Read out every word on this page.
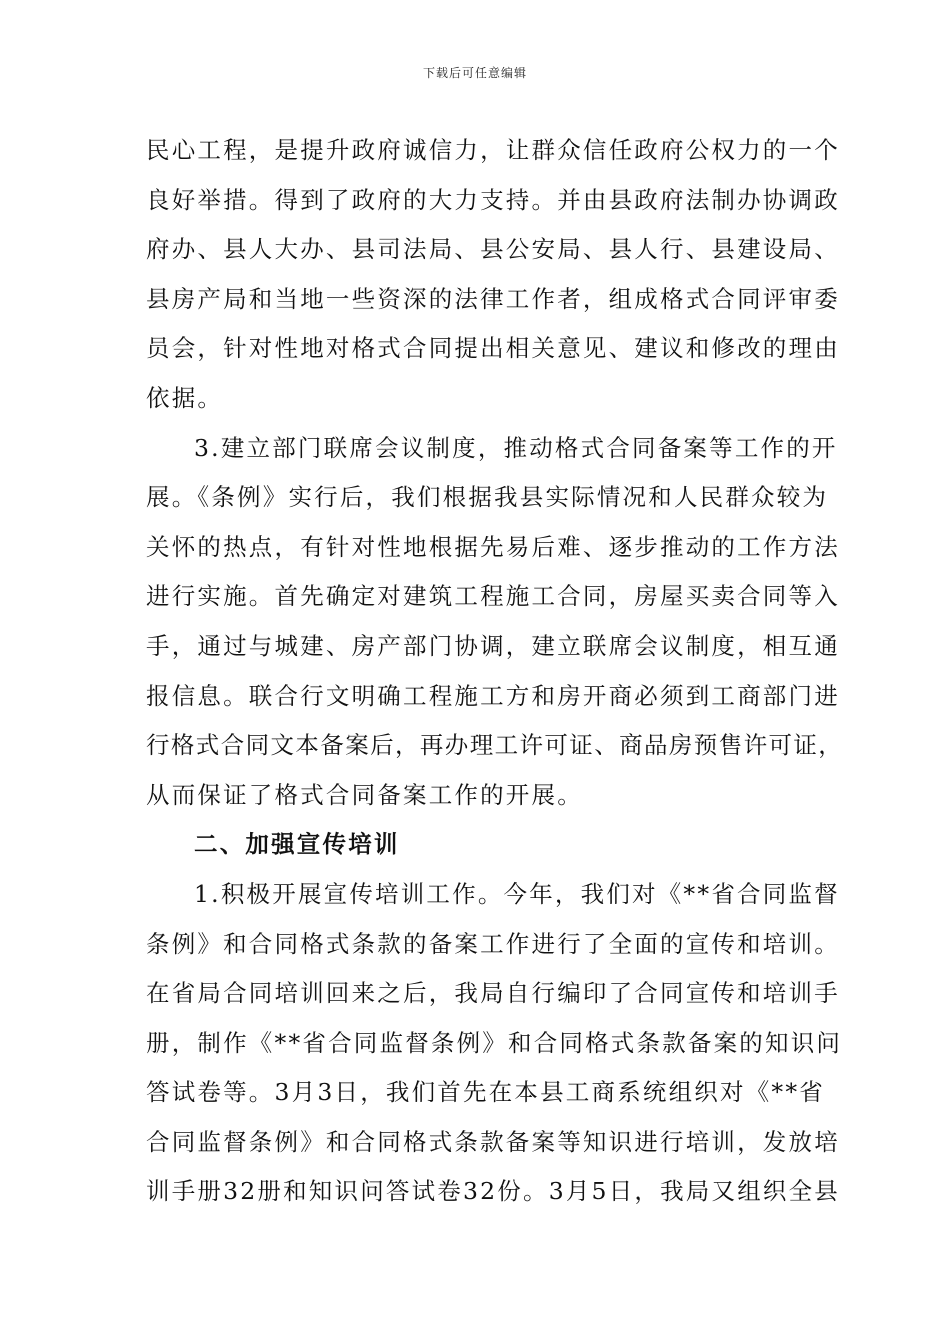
下载后可任意编辑
民心工程，是提升政府诚信力，让群众信任政府公权力的一个
良好举措。得到了政府的大力支持。并由县政府法制办协调政
府办、县人大办、县司法局、县公安局、县人行、县建设局、
县房产局和当地一些资深的法律工作者，组成格式合同评审委
员会，针对性地对格式合同提出相关意见、建议和修改的理由
依据。
3.建立部门联席会议制度，推动格式合同备案等工作的开
展。《条例》实行后，我们根据我县实际情况和人民群众较为
关怀的热点，有针对性地根据先易后难、逐步推动的工作方法
进行实施。首先确定对建筑工程施工合同，房屋买卖合同等入
手，通过与城建、房产部门协调，建立联席会议制度，相互通
报信息。联合行文明确工程施工方和房开商必须到工商部门进
行格式合同文本备案后，再办理工许可证、商品房预售许可证，
从而保证了格式合同备案工作的开展。
二、加强宣传培训
1.积极开展宣传培训工作。今年，我们对《**省合同监督
条例》和合同格式条款的备案工作进行了全面的宣传和培训。
在省局合同培训回来之后，我局自行编印了合同宣传和培训手
册，制作《**省合同监督条例》和合同格式条款备案的知识问
答试卷等。3月3日，我们首先在本县工商系统组织对《**省
合同监督条例》和合同格式条款备案等知识进行培训，发放培
训手册32册和知识问答试卷32份。3月5日，我局又组织全县
